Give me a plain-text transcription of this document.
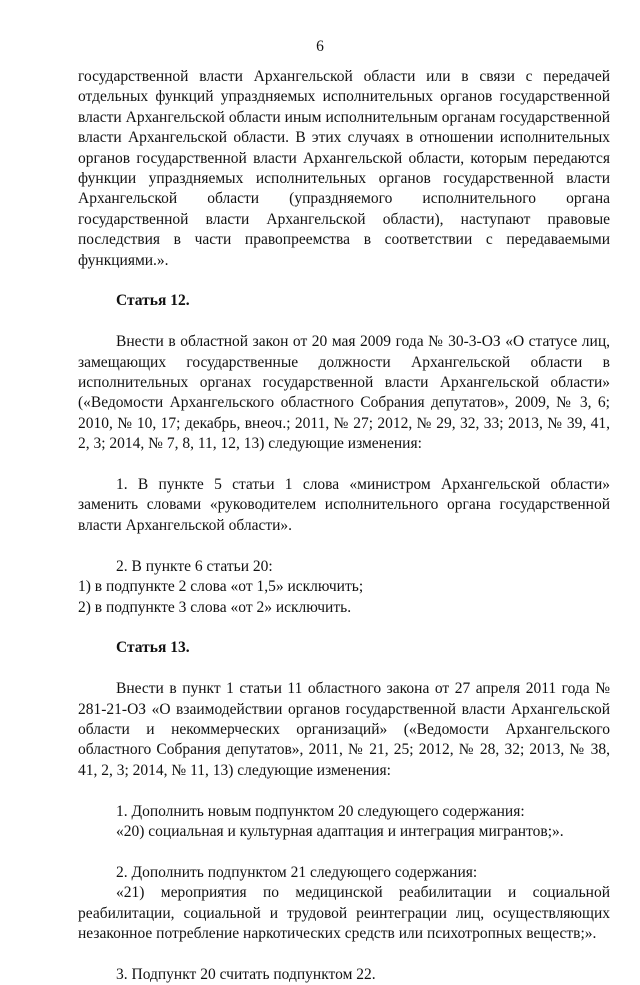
6

государственной власти Архангельской области или в связи с передачей отдельных функций упраздняемых исполнительных органов государственной власти Архангельской области иным исполнительным органам государственной власти Архангельской области. В этих случаях в отношении исполнительных органов государственной власти Архангельской области, которым передаются функции упраздняемых исполнительных органов государственной власти Архангельской области (упраздняемого исполнительного органа государственной власти Архангельской области), наступают правовые последствия в части правопреемства в соответствии с передаваемыми функциями.».

Статья 12.

Внести в областной закон от 20 мая 2009 года № 30-3-ОЗ «О статусе лиц, замещающих государственные должности Архангельской области в исполнительных органах государственной власти Архангельской области» («Ведомости Архангельского областного Собрания депутатов», 2009, № 3, 6; 2010, № 10, 17; декабрь, внеоч.; 2011, № 27; 2012, № 29, 32, 33; 2013, № 39, 41, 2, 3; 2014, № 7, 8, 11, 12, 13) следующие изменения:

1. В пункте 5 статьи 1 слова «министром Архангельской области» заменить словами «руководителем исполнительного органа государственной власти Архангельской области».

2. В пункте 6 статьи 20:

1) в подпункте 2 слова «от 1,5» исключить;

2) в подпункте 3 слова «от 2» исключить.

Статья 13.

Внести в пункт 1 статьи 11 областного закона от 27 апреля 2011 года № 281-21-ОЗ «О взаимодействии органов государственной власти Архангельской области и некоммерческих организаций» («Ведомости Архангельского областного Собрания депутатов», 2011, № 21, 25; 2012, № 28, 32; 2013, № 38, 41, 2, 3; 2014, № 11, 13) следующие изменения:

1. Дополнить новым подпунктом 20 следующего содержания:

«20) социальная и культурная адаптация и интеграция мигрантов;».

2. Дополнить подпунктом 21 следующего содержания:

«21) мероприятия по медицинской реабилитации и социальной реабилитации, социальной и трудовой реинтеграции лиц, осуществляющих незаконное потребление наркотических средств или психотропных веществ;».

3. Подпункт 20 считать подпунктом 22.
